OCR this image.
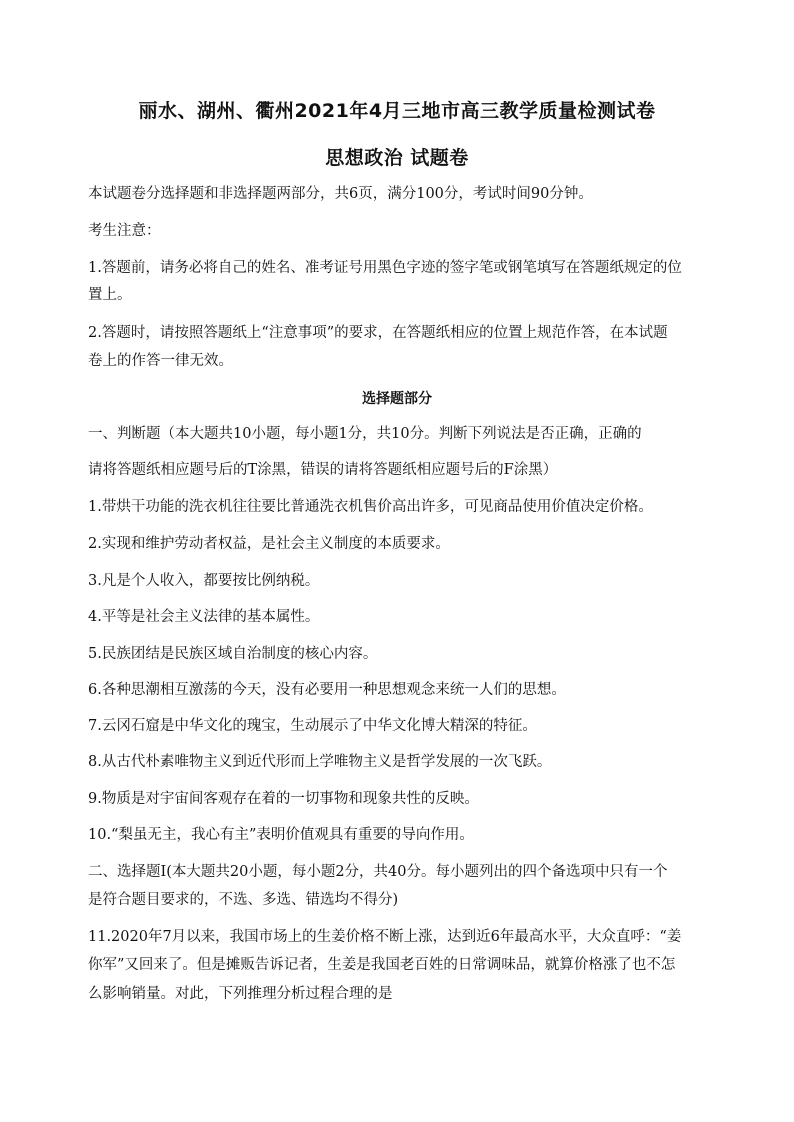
丽水、湖州、衢州2021年4月三地市高三教学质量检测试卷
思想政治 试题卷
本试题卷分选择题和非选择题两部分，共6页，满分100分，考试时间90分钟。
考生注意：
1.答题前，请务必将自己的姓名、准考证号用黑色字迹的签字笔或钢笔填写在答题纸规定的位
置上。
2.答题时，请按照答题纸上“注意事项”的要求，在答题纸相应的位置上规范作答，在本试题
卷上的作答一律无效。
选择题部分
一、判断题（本大题共10小题，每小题1分，共10分。判断下列说法是否正确，正确的
请将答题纸相应题号后的T涂黑，错误的请将答题纸相应题号后的F涂黑）
1.带烘干功能的洗衣机往往要比普通洗衣机售价高出许多，可见商品使用价值决定价格。
2.实现和维护劳动者权益，是社会主义制度的本质要求。
3.凡是个人收入，都要按比例纳税。
4.平等是社会主义法律的基本属性。
5.民族团结是民族区域自治制度的核心内容。
6.各种思潮相互激荡的今天，没有必要用一种思想观念来统一人们的思想。
7.云冈石窟是中华文化的瑰宝，生动展示了中华文化博大精深的特征。
8.从古代朴素唯物主义到近代形而上学唯物主义是哲学发展的一次飞跃。
9.物质是对宇宙间客观存在着的一切事物和现象共性的反映。
10.“梨虽无主，我心有主”表明价值观具有重要的导向作用。
二、选择题Ⅰ(本大题共20小题，每小题2分，共40分。每小题列出的四个备选项中只有一个
是符合题目要求的，不选、多选、错选均不得分)
11.2020年7月以来，我国市场上的生姜价格不断上涨，达到近6年最高水平，大众直呼：“姜
你军”又回来了。但是摊贩告诉记者，生姜是我国老百姓的日常调味品，就算价格涨了也不怎
么影响销量。对此，下列推理分析过程合理的是
